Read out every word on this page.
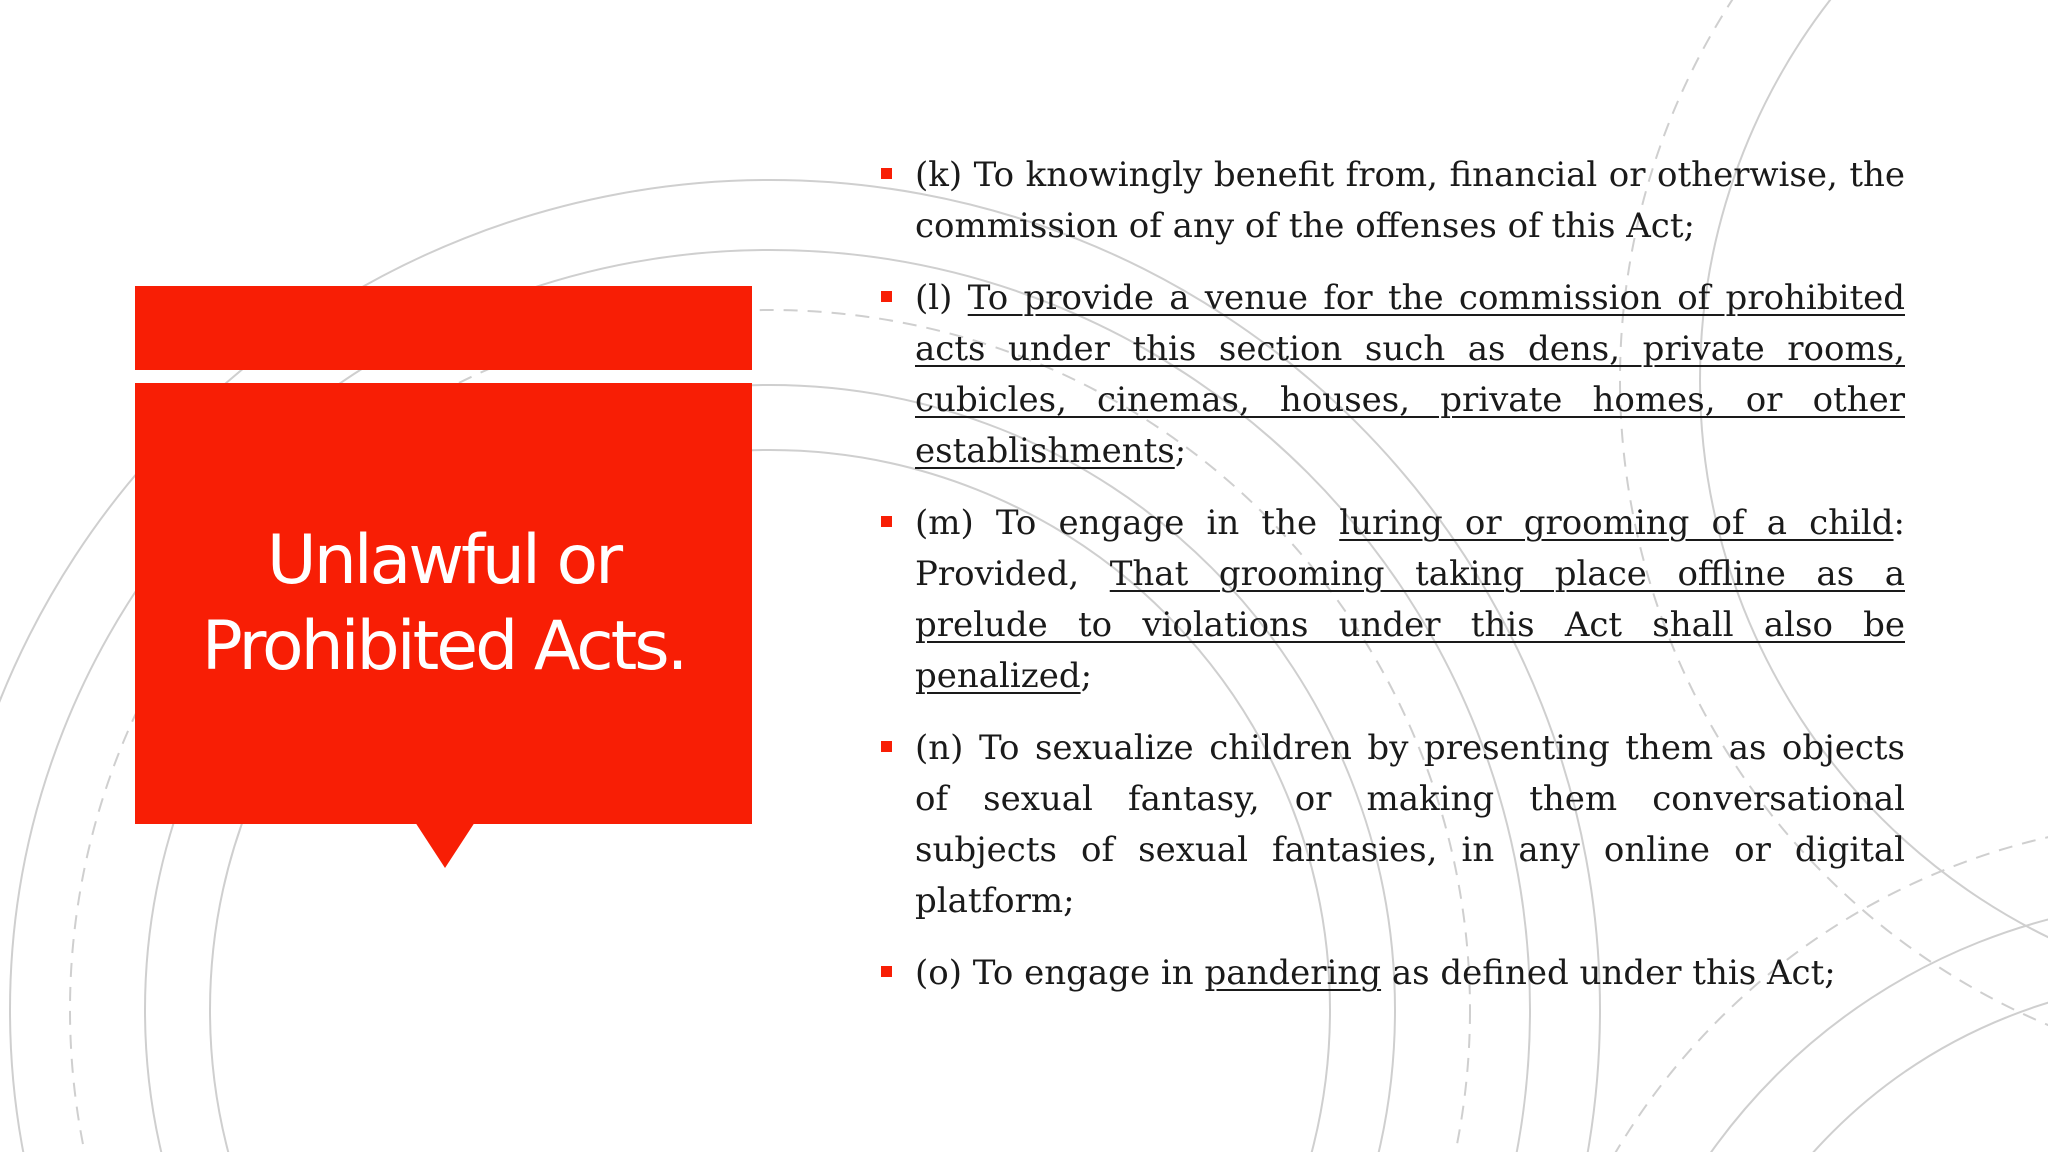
Unlawful or
Prohibited Acts.

(k) To knowingly benefit from, financial or otherwise, the commission of any of the offenses of this Act;

(l) To provide a venue for the commission of prohibited acts under this section such as dens, private rooms, cubicles, cinemas, houses, private homes, or other establishments;

(m) To engage in the luring or grooming of a child: Provided, That grooming taking place offline as a prelude to violations under this Act shall also be penalized;

(n) To sexualize children by presenting them as objects of sexual fantasy, or making them conversational subjects of sexual fantasies, in any online or digital platform;

(o) To engage in pandering as defined under this Act;
